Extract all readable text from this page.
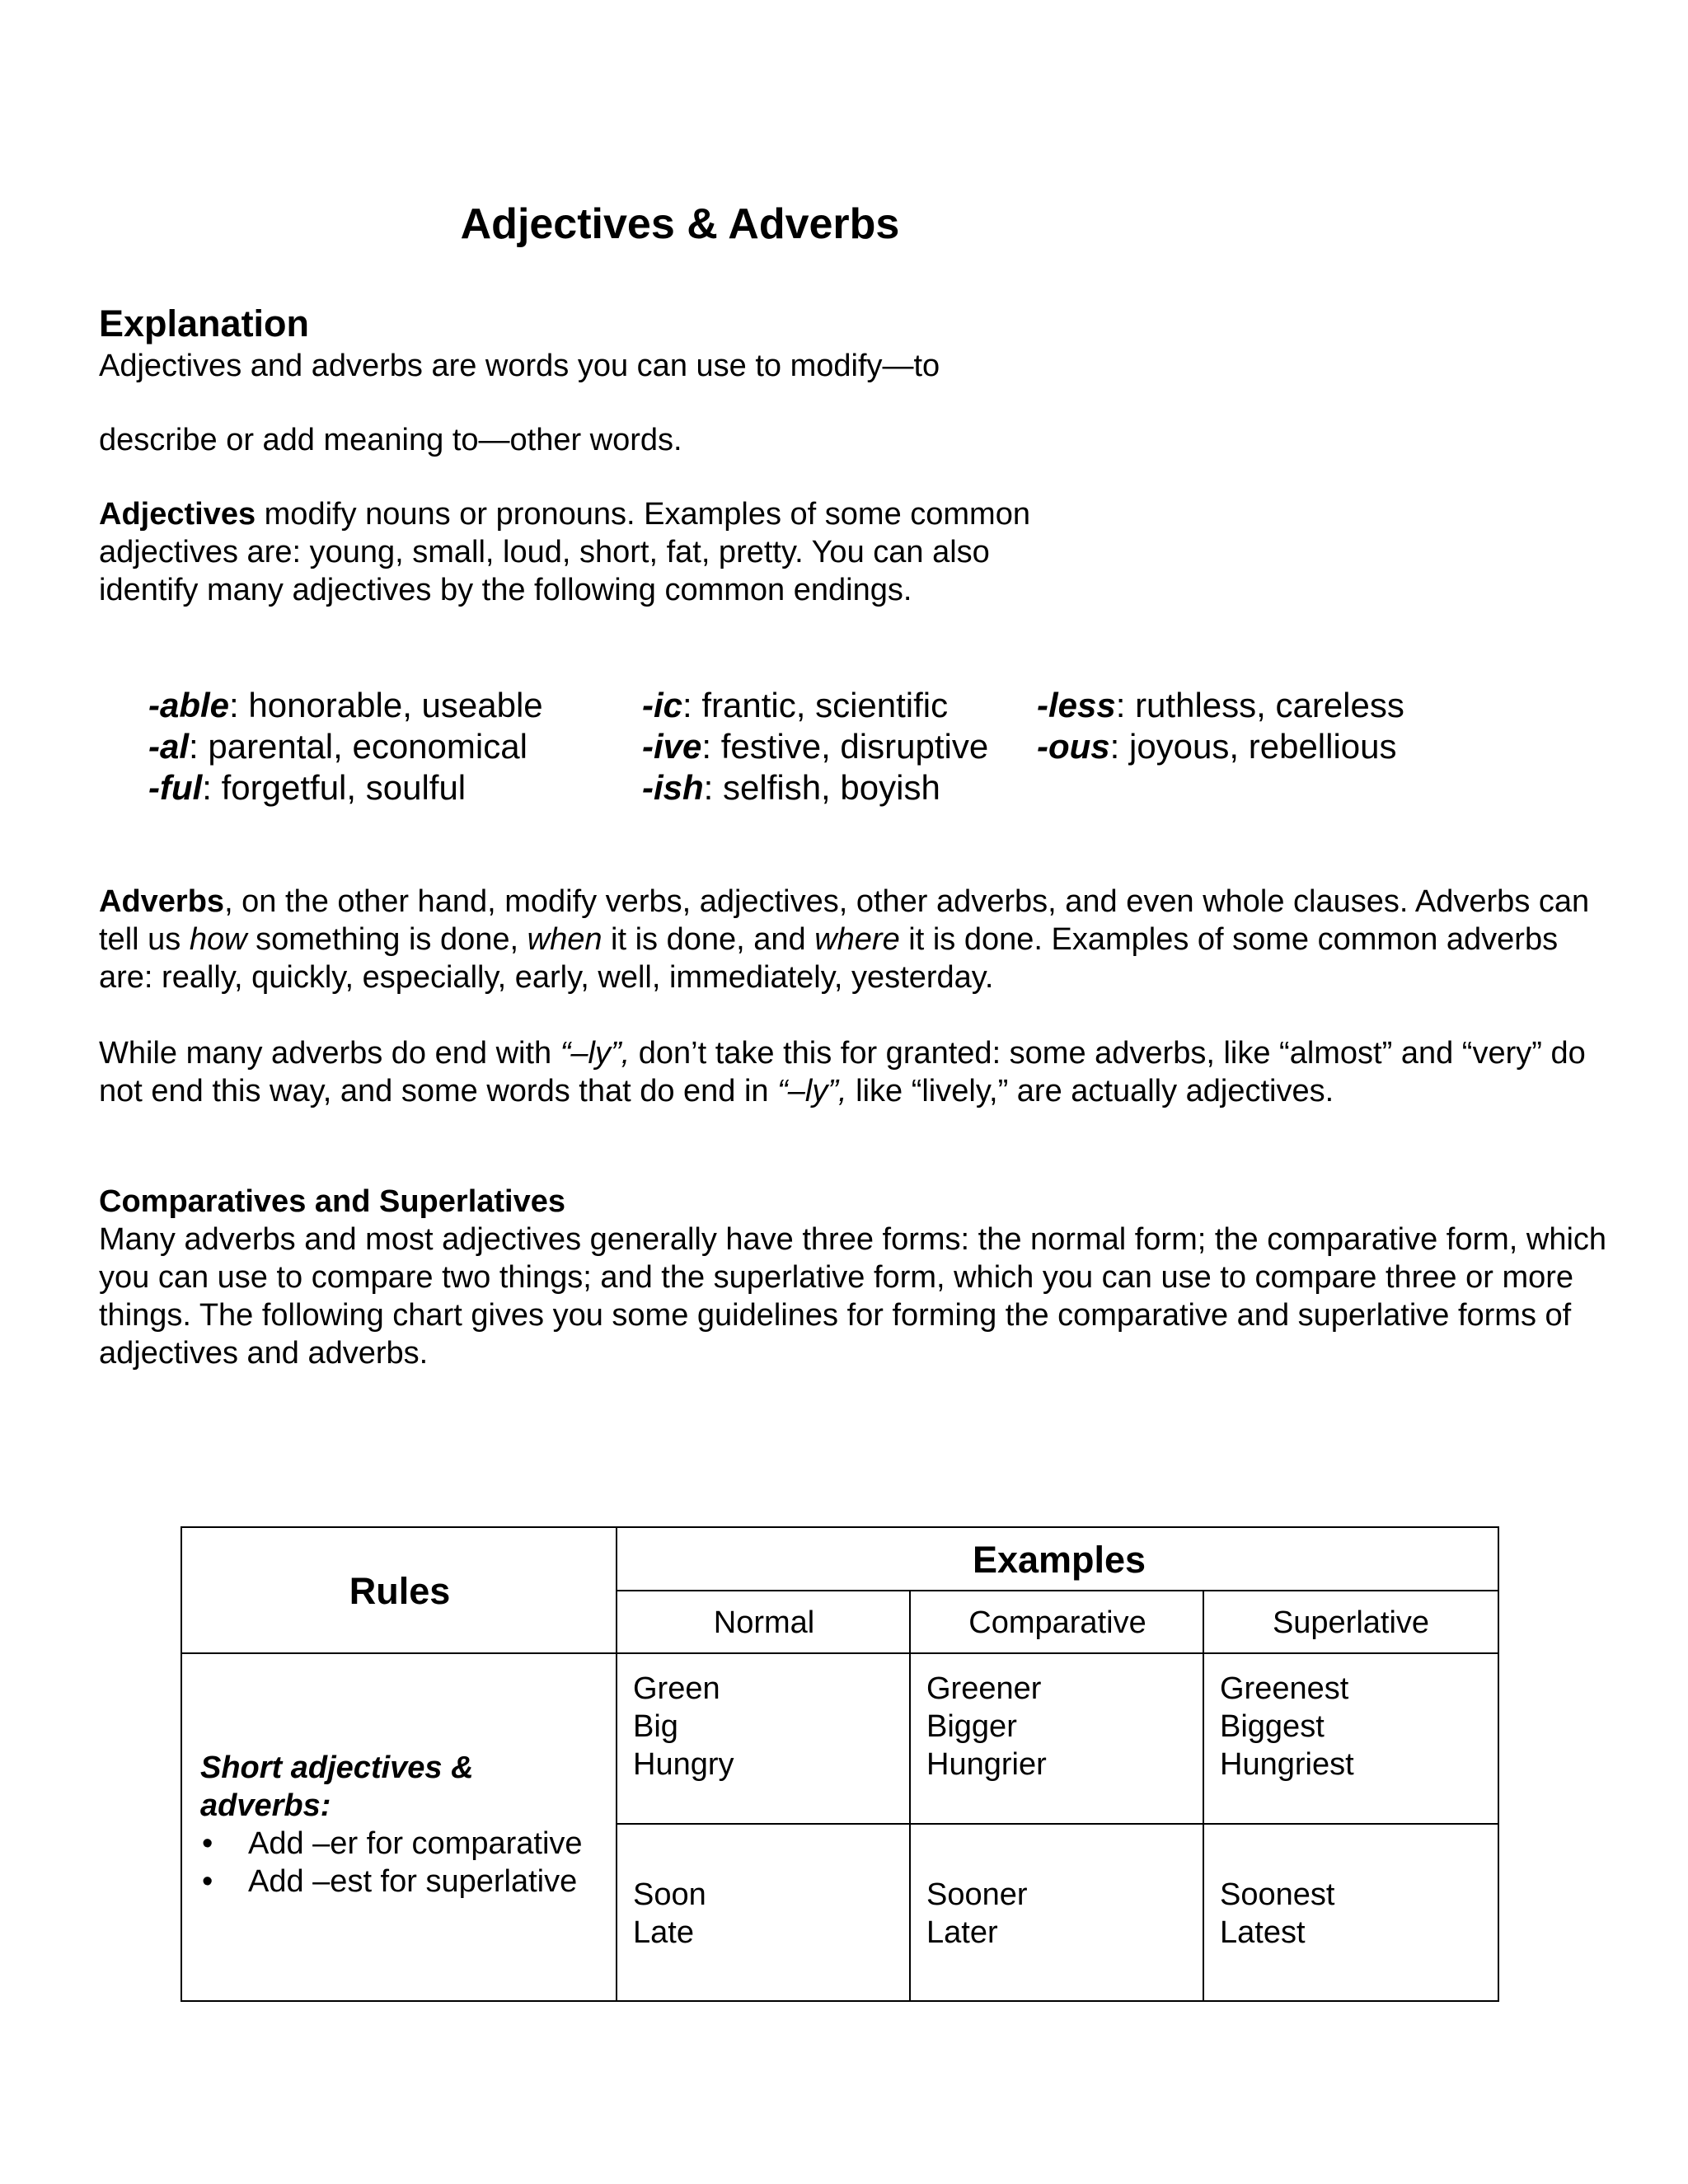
Adjectives & Adverbs
Explanation
Adjectives and adverbs are words you can use to modify—to
describe or add meaning to—other words.
Adjectives modify nouns or pronouns. Examples of some common adjectives are: young, small, loud, short, fat, pretty. You can also identify many adjectives by the following common endings.
-able: honorable, useable
-al: parental, economical
-ful: forgetful, soulful
-ic: frantic, scientific
-ive: festive, disruptive
-ish: selfish, boyish
-less: ruthless, careless
-ous: joyous, rebellious
Adverbs, on the other hand, modify verbs, adjectives, other adverbs, and even whole clauses. Adverbs can tell us how something is done, when it is done, and where it is done. Examples of some common adverbs are: really, quickly, especially, early, well, immediately, yesterday.
While many adverbs do end with “–ly”, don’t take this for granted: some adverbs, like “almost” and “very” do not end this way, and some words that do end in “–ly”, like “lively,” are actually adjectives.
Comparatives and Superlatives
Many adverbs and most adjectives generally have three forms: the normal form; the comparative form, which you can use to compare two things; and the superlative form, which you can use to compare three or more things. The following chart gives you some guidelines for forming the comparative and superlative forms of adjectives and adverbs.
Rules
Examples
Normal	Comparative	Superlative
Short adjectives & adverbs:
• Add –er for comparative
• Add –est for superlative
Green
Big
Hungry
Greener
Bigger
Hungrier
Greenest
Biggest
Hungriest
Soon
Late
Sooner
Later
Soonest
Latest
